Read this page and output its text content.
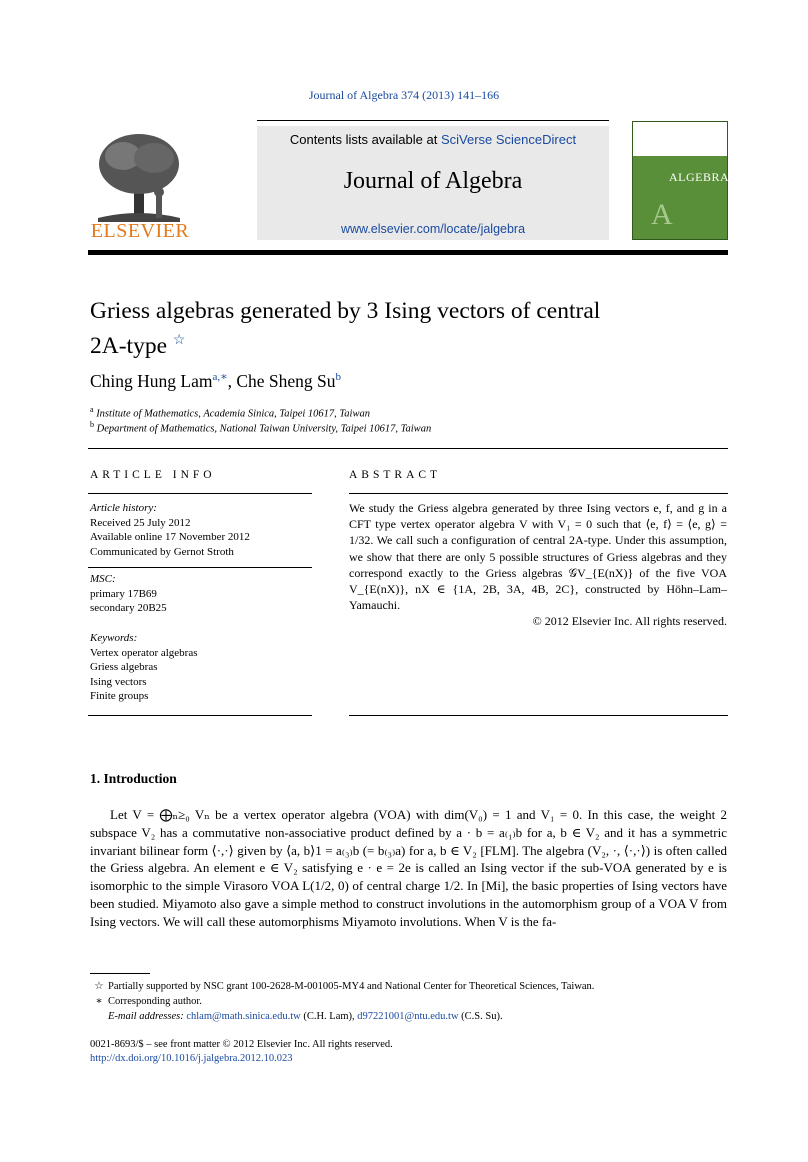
Journal of Algebra 374 (2013) 141–166
ELSEVIER
Contents lists available at SciVerse ScienceDirect
Journal of Algebra
www.elsevier.com/locate/jalgebra
ALGEBRA
A
Griess algebras generated by 3 Ising vectors of central
2A-type ☆
Ching Hung Lam$^{a,∗}$, Che Sheng Su$^b$
$^a$ Institute of Mathematics, Academia Sinica, Taipei 10617, Taiwan
$^b$ Department of Mathematics, National Taiwan University, Taipei 10617, Taiwan
ARTICLE INFO
Article history:
Received 25 July 2012
Available online 17 November 2012
Communicated by Gernot Stroth
MSC:
primary 17B69
secondary 20B25
Keywords:
Vertex operator algebras
Griess algebras
Ising vectors
Finite groups
ABSTRACT
We study the Griess algebra generated by three Ising vectors e, f, and g in a CFT type vertex operator algebra V with V₁ = 0 such that ⟨e, f⟩ = ⟨e, g⟩ = 1/32. We call such a configuration of central 2A-type. Under this assumption, we show that there are only 5 possible structures of Griess algebras and they correspond exactly to the Griess algebras 𝒢V_{E(nX)} of the five VOA V_{E(nX)}, nX ∈ {1A, 2B, 3A, 4B, 2C}, constructed by Höhn–Lam–Yamauchi.
© 2012 Elsevier Inc. All rights reserved.
1. Introduction
Let V = ⨁ₙ≥₀ Vₙ be a vertex operator algebra (VOA) with dim(V₀) = 1 and V₁ = 0. In this case, the weight 2 subspace V₂ has a commutative non-associative product defined by a · b = a₍₁₎b for a, b ∈ V₂ and it has a symmetric invariant bilinear form ⟨·,·⟩ given by ⟨a, b⟩1 = a₍₃₎b (= b₍₃₎a) for a, b ∈ V₂ [FLM]. The algebra (V₂, ·, ⟨·,·⟩) is often called the Griess algebra. An element e ∈ V₂ satisfying e · e = 2e is called an Ising vector if the sub-VOA generated by e is isomorphic to the simple Virasoro VOA L(1/2, 0) of central charge 1/2. In [Mi], the basic properties of Ising vectors have been studied. Miyamoto also gave a simple method to construct involutions in the automorphism group of a VOA V from Ising vectors. We will call these automorphisms Miyamoto involutions. When V is the fa-
☆ Partially supported by NSC grant 100-2628-M-001005-MY4 and National Center for Theoretical Sciences, Taiwan.
∗ Corresponding author.
E-mail addresses: chlam@math.sinica.edu.tw (C.H. Lam), d97221001@ntu.edu.tw (C.S. Su).
0021-8693/$ – see front matter © 2012 Elsevier Inc. All rights reserved.
http://dx.doi.org/10.1016/j.jalgebra.2012.10.023
